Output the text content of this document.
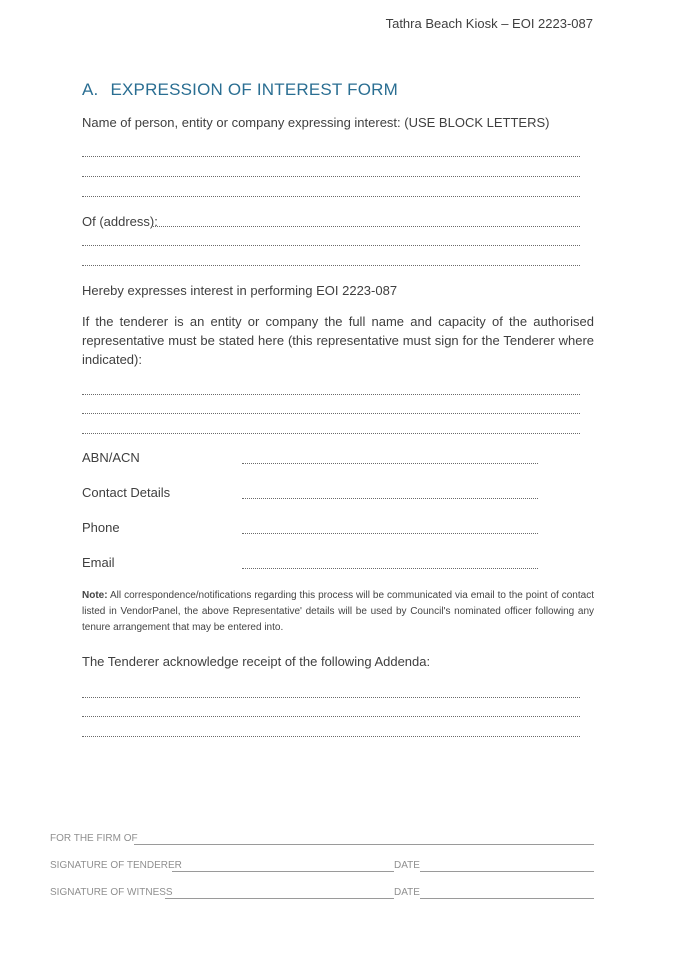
Tathra Beach Kiosk – EOI 2223-087
A. EXPRESSION OF INTEREST FORM
Name of person, entity or company expressing interest: (USE BLOCK LETTERS)
Of (address):
Hereby expresses interest in performing EOI 2223-087
If the tenderer is an entity or company the full name and capacity of the authorised representative must be stated here (this representative must sign for the Tenderer where indicated):
ABN/ACN
Contact Details
Phone
Email
Note: All correspondence/notifications regarding this process will be communicated via email to the point of contact listed in VendorPanel, the above Representative' details will be used by Council's nominated officer following any tenure arrangement that may be entered into.
The Tenderer acknowledge receipt of the following Addenda:
FOR THE FIRM OF
SIGNATURE OF TENDERER	DATE
SIGNATURE OF WITNESS	DATE
